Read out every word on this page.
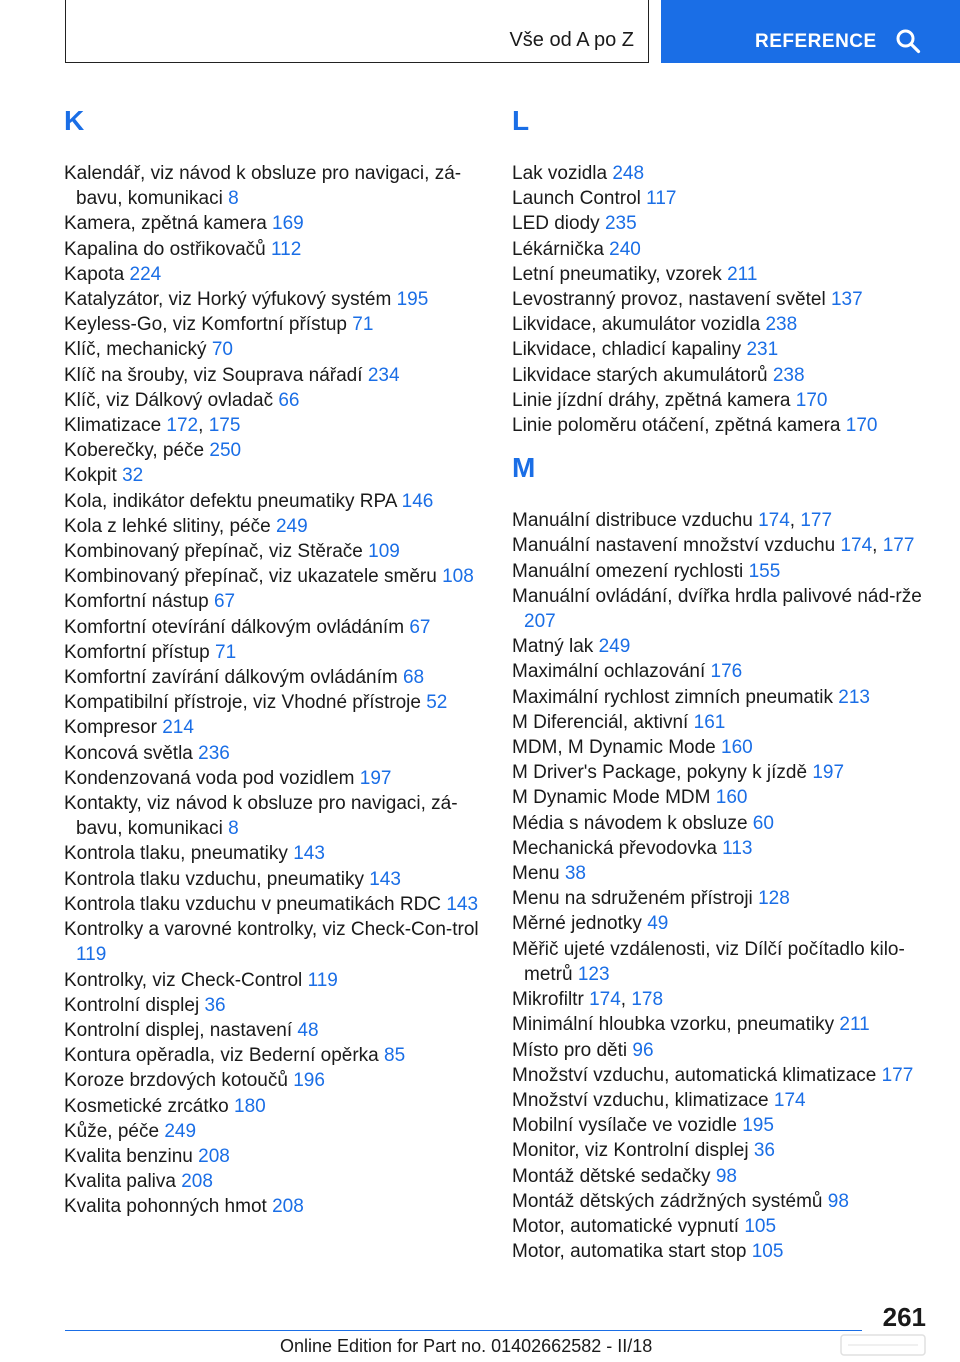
Vše od A po Z	REFERENCE
K
Kalendář, viz návod k obsluze pro navigaci, zá-bavu, komunikaci 8
Kamera, zpětná kamera 169
Kapalina do ostřikovačů 112
Kapota 224
Katalyzátor, viz Horký výfukový systém 195
Keyless-Go, viz Komfortní přístup 71
Klíč, mechanický 70
Klíč na šrouby, viz Souprava nářadí 234
Klíč, viz Dálkový ovladač 66
Klimatizace 172, 175
Koberečky, péče 250
Kokpit 32
Kola, indikátor defektu pneumatiky RPA 146
Kola z lehké slitiny, péče 249
Kombinovaný přepínač, viz Stěrače 109
Kombinovaný přepínač, viz ukazatele směru 108
Komfortní nástup 67
Komfortní otevírání dálkovým ovládáním 67
Komfortní přístup 71
Komfortní zavírání dálkovým ovládáním 68
Kompatibilní přístroje, viz Vhodné přístroje 52
Kompresor 214
Koncová světla 236
Kondenzovaná voda pod vozidlem 197
Kontakty, viz návod k obsluze pro navigaci, zá-bavu, komunikaci 8
Kontrola tlaku, pneumatiky 143
Kontrola tlaku vzduchu, pneumatiky 143
Kontrola tlaku vzduchu v pneumatikách RDC 143
Kontrolky a varovné kontrolky, viz Check-Con-trol 119
Kontrolky, viz Check-Control 119
Kontrolní displej 36
Kontrolní displej, nastavení 48
Kontura opěradla, viz Bederní opěrka 85
Koroze brzdových kotoučů 196
Kosmetické zrcátko 180
Kůže, péče 249
Kvalita benzinu 208
Kvalita paliva 208
Kvalita pohonných hmot 208
L
Lak vozidla 248
Launch Control 117
LED diody 235
Lékárnička 240
Letní pneumatiky, vzorek 211
Levostranný provoz, nastavení světel 137
Likvidace, akumulátor vozidla 238
Likvidace, chladicí kapaliny 231
Likvidace starých akumulátorů 238
Linie jízdní dráhy, zpětná kamera 170
Linie poloměru otáčení, zpětná kamera 170
M
Manuální distribuce vzduchu 174, 177
Manuální nastavení množství vzduchu 174, 177
Manuální omezení rychlosti 155
Manuální ovládání, dvířka hrdla palivové nád-rže 207
Matný lak 249
Maximální ochlazování 176
Maximální rychlost zimních pneumatik 213
M Diferenciál, aktivní 161
MDM, M Dynamic Mode 160
M Driver's Package, pokyny k jízdě 197
M Dynamic Mode MDM 160
Média s návodem k obsluze 60
Mechanická převodovka 113
Menu 38
Menu na sdruženém přístroji 128
Měrné jednotky 49
Měřič ujeté vzdálenosti, viz Dílčí počítadlo kilo-metrů 123
Mikrofiltr 174, 178
Minimální hloubka vzorku, pneumatiky 211
Místo pro děti 96
Množství vzduchu, automatická klimatizace 177
Množství vzduchu, klimatizace 174
Mobilní vysílače ve vozidle 195
Monitor, viz Kontrolní displej 36
Montáž dětské sedačky 98
Montáž dětských zádržných systémů 98
Motor, automatické vypnutí 105
Motor, automatika start stop 105
261
Online Edition for Part no. 01402662582 - II/18
